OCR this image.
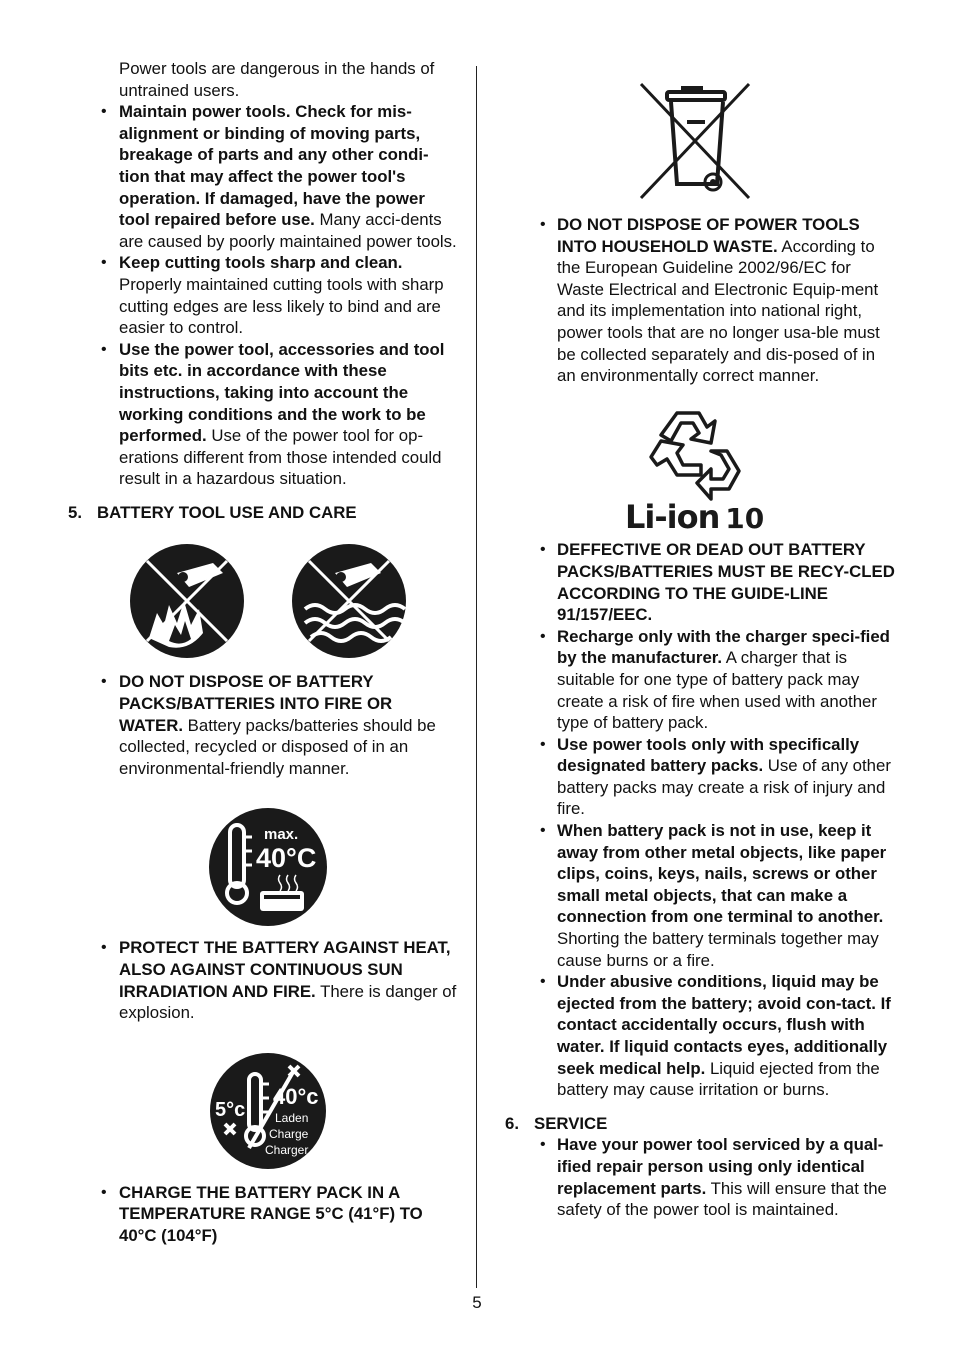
Power tools are dangerous in the hands of untrained users.

• Maintain power tools. Check for mis-alignment or binding of moving parts, breakage of parts and any other condi-tion that may affect the power tool's operation. If damaged, have the power tool repaired before use. Many acci-dents are caused by poorly maintained power tools.
• Keep cutting tools sharp and clean. Properly maintained cutting tools with sharp cutting edges are less likely to bind and are easier to control.
• Use the power tool, accessories and tool bits etc. in accordance with these instructions, taking into account the working conditions and the work to be performed. Use of the power tool for op-erations different from those intended could result in a hazardous situation.

5. BATTERY TOOL USE AND CARE

• DO NOT DISPOSE OF BATTERY PACKS/BATTERIES INTO FIRE OR WATER. Battery packs/batteries should be collected, recycled or disposed of in an environmental-friendly manner.
max.
40°C
• PROTECT THE BATTERY AGAINST HEAT, ALSO AGAINST CONTINUOUS SUN IRRADIATION AND FIRE. There is danger of explosion.
5°c
40°c
Laden
Charge
Charger
• CHARGE THE BATTERY PACK IN A TEMPERATURE RANGE 5°C (41°F) TO 40°C (104°F)
• DO NOT DISPOSE OF POWER TOOLS INTO HOUSEHOLD WASTE. According to the European Guideline 2002/96/EC for Waste Electrical and Electronic Equip-ment and its implementation into national right, power tools that are no longer usa-ble must be collected separately and dis-posed of in an environmentally correct manner.
Li-ion 10
• DEFFECTIVE OR DEAD OUT BATTERY PACKS/BATTERIES MUST BE RECY-CLED ACCORDING TO THE GUIDE-LINE 91/157/EEC.
• Recharge only with the charger speci-fied by the manufacturer. A charger that is suitable for one type of battery pack may create a risk of fire when used with another type of battery pack.
• Use power tools only with specifically designated battery packs. Use of any other battery packs may create a risk of injury and fire.
• When battery pack is not in use, keep it away from other metal objects, like paper clips, coins, keys, nails, screws or other small metal objects, that can make a connection from one terminal to another. Shorting the battery terminals together may cause burns or a fire.
• Under abusive conditions, liquid may be ejected from the battery; avoid con-tact. If contact accidentally occurs, flush with water. If liquid contacts eyes, additionally seek medical help. Liquid ejected from the battery may cause irritation or burns.

6. SERVICE

• Have your power tool serviced by a qual-ified repair person using only identical replacement parts. This will ensure that the safety of the power tool is maintained.
5
